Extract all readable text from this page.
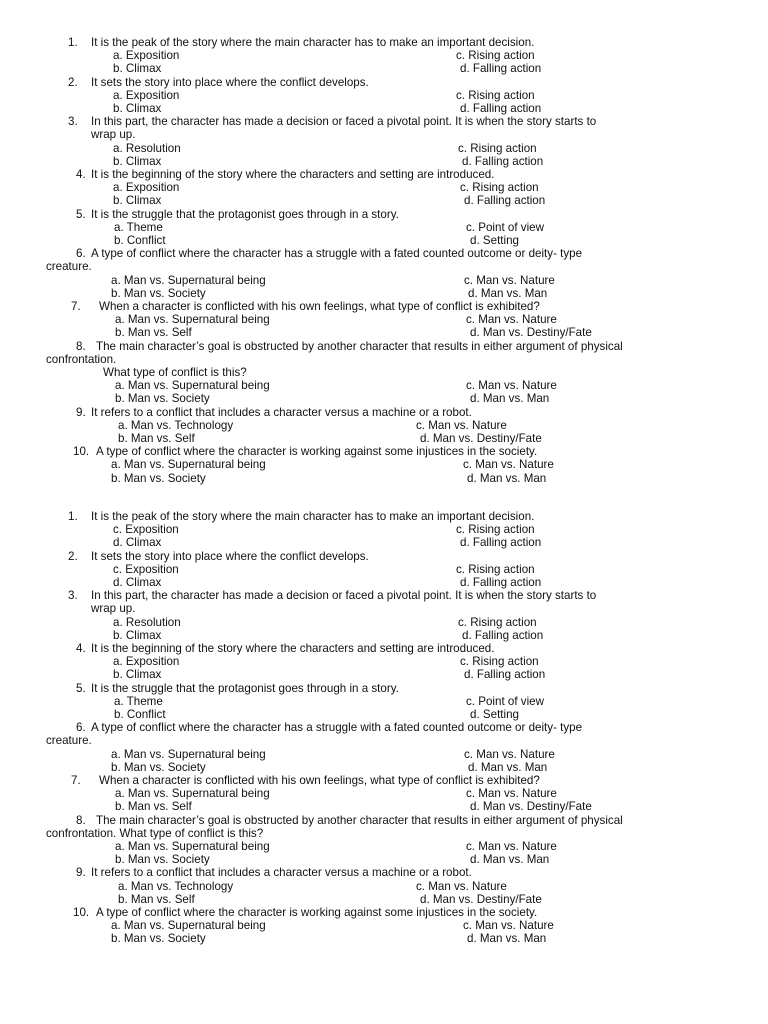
1. It is the peak of the story where the main character has to make an important decision.
a. Exposition	c. Rising action
b. Climax	d. Falling action
2. It sets the story into place where the conflict develops.
a. Exposition	c. Rising action
b. Climax	d. Falling action
3. In this part, the character has made a decision or faced a pivotal point. It is when the story starts to
wrap up.
a. Resolution	c. Rising action
b. Climax	d. Falling action
4. It is the beginning of the story where the characters and setting are introduced.
a. Exposition	c. Rising action
b. Climax	d. Falling action
5. It is the struggle that the protagonist goes through in a story.
a. Theme	c. Point of view
b. Conflict	d. Setting
6. A type of conflict where the character has a struggle with a fated counted outcome or deity- type
creature.
a. Man vs. Supernatural being	c. Man vs. Nature
b. Man vs. Society	d. Man vs. Man
7. When a character is conflicted with his own feelings, what type of conflict is exhibited?
a. Man vs. Supernatural being	c. Man vs. Nature
b. Man vs. Self	d. Man vs. Destiny/Fate
8. The main character’s goal is obstructed by another character that results in either argument of physical
confrontation.
What type of conflict is this?
a. Man vs. Supernatural being	c. Man vs. Nature
b. Man vs. Society	d. Man vs. Man
9. It refers to a conflict that includes a character versus a machine or a robot.
a. Man vs. Technology	c. Man vs. Nature
b. Man vs. Self	d. Man vs. Destiny/Fate
10. A type of conflict where the character is working against some injustices in the society.
a. Man vs. Supernatural being	c. Man vs. Nature
b. Man vs. Society	d. Man vs. Man
1. It is the peak of the story where the main character has to make an important decision.
c. Exposition	c. Rising action
d. Climax	d. Falling action
2. It sets the story into place where the conflict develops.
c. Exposition	c. Rising action
d. Climax	d. Falling action
3. In this part, the character has made a decision or faced a pivotal point. It is when the story starts to
wrap up.
a. Resolution	c. Rising action
b. Climax	d. Falling action
4. It is the beginning of the story where the characters and setting are introduced.
a. Exposition	c. Rising action
b. Climax	d. Falling action
5. It is the struggle that the protagonist goes through in a story.
a. Theme	c. Point of view
b. Conflict	d. Setting
6. A type of conflict where the character has a struggle with a fated counted outcome or deity- type
creature.
a. Man vs. Supernatural being	c. Man vs. Nature
b. Man vs. Society	d. Man vs. Man
7. When a character is conflicted with his own feelings, what type of conflict is exhibited?
a. Man vs. Supernatural being	c. Man vs. Nature
b. Man vs. Self	d. Man vs. Destiny/Fate
8. The main character’s goal is obstructed by another character that results in either argument of physical
confrontation. What type of conflict is this?
a. Man vs. Supernatural being	c. Man vs. Nature
b. Man vs. Society	d. Man vs. Man
9. It refers to a conflict that includes a character versus a machine or a robot.
a. Man vs. Technology	c. Man vs. Nature
b. Man vs. Self	d. Man vs. Destiny/Fate
10. A type of conflict where the character is working against some injustices in the society.
a. Man vs. Supernatural being	c. Man vs. Nature
b. Man vs. Society	d. Man vs. Man
